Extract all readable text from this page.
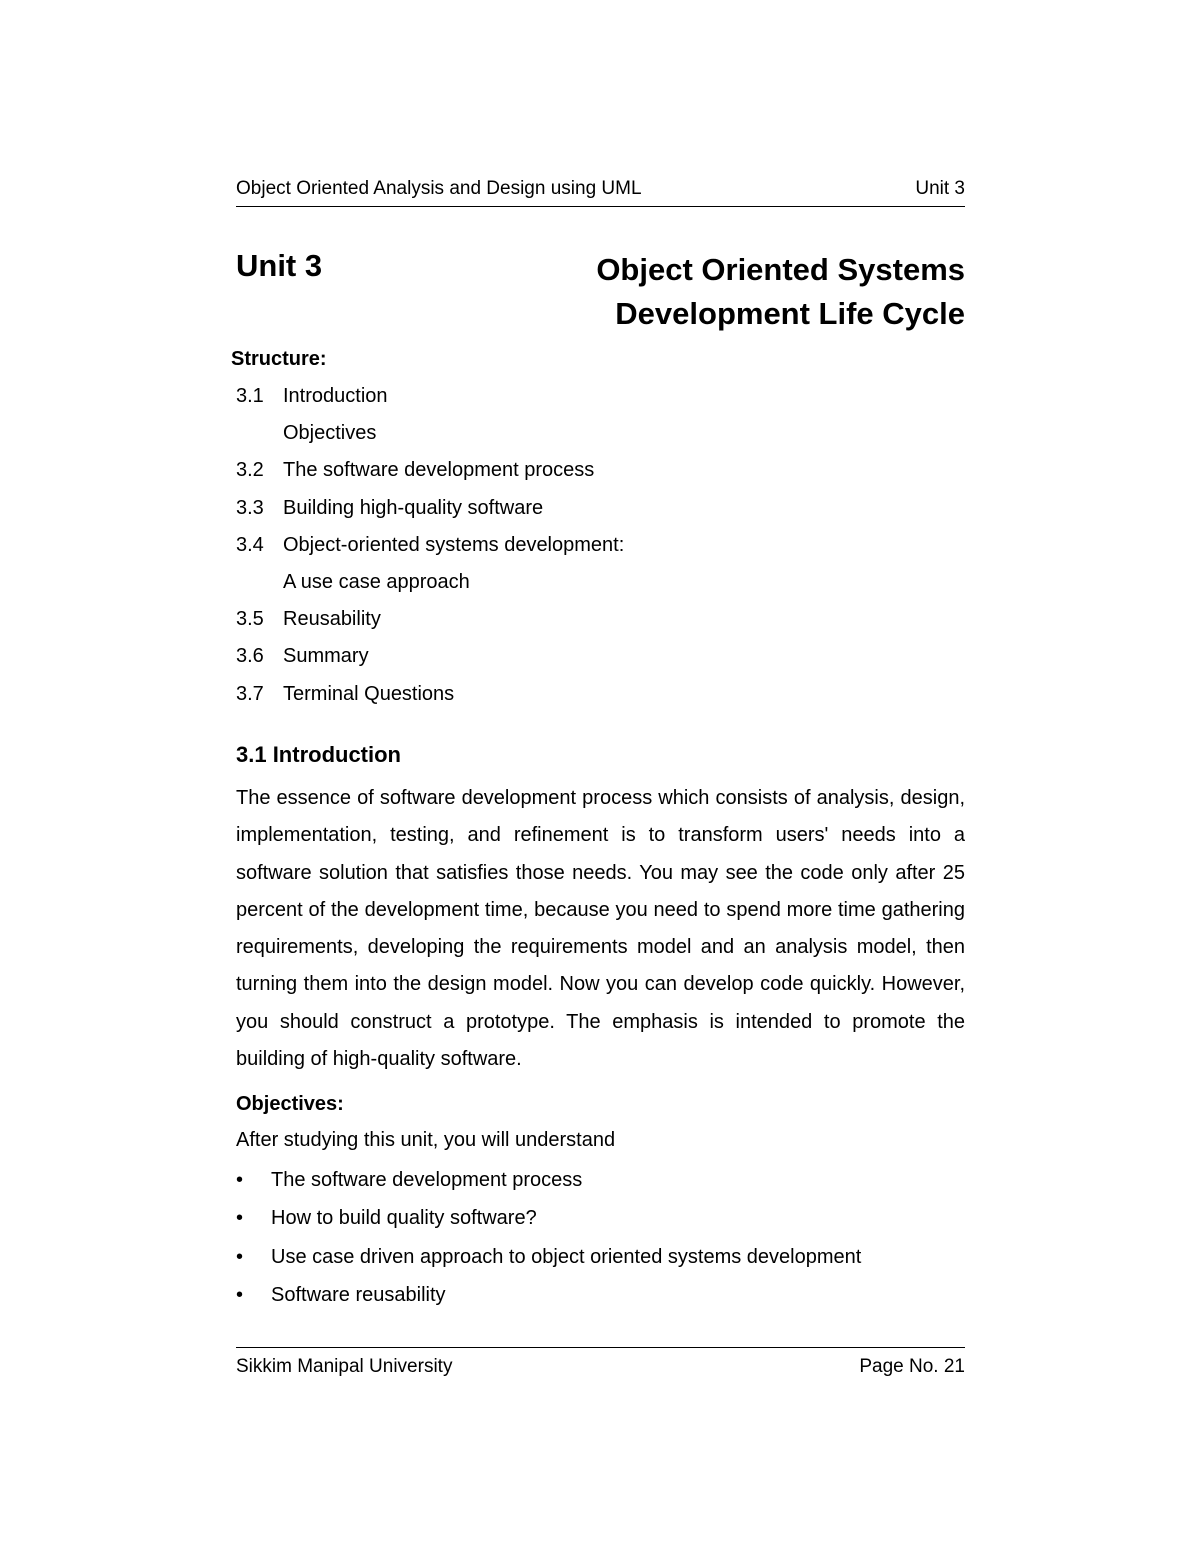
Object Oriented Analysis and Design using UML	Unit 3
Unit 3	Object Oriented Systems
Development Life Cycle
Structure:
3.1 Introduction
Objectives
3.2 The software development process
3.3 Building high-quality software
3.4 Object-oriented systems development:
A use case approach
3.5 Reusability
3.6 Summary
3.7 Terminal Questions
3.1 Introduction

The essence of software development process which consists of analysis, design, implementation, testing, and refinement is to transform users' needs into a software solution that satisfies those needs. You may see the code only after 25 percent of the development time, because you need to spend more time gathering requirements, developing the requirements model and an analysis model, then turning them into the design model. Now you can develop code quickly. However, you should construct a prototype. The emphasis is intended to promote the building of high-quality software.

Objectives:
After studying this unit, you will understand
• The software development process
• How to build quality software?
• Use case driven approach to object oriented systems development
• Software reusability
Sikkim Manipal University	Page No. 21
